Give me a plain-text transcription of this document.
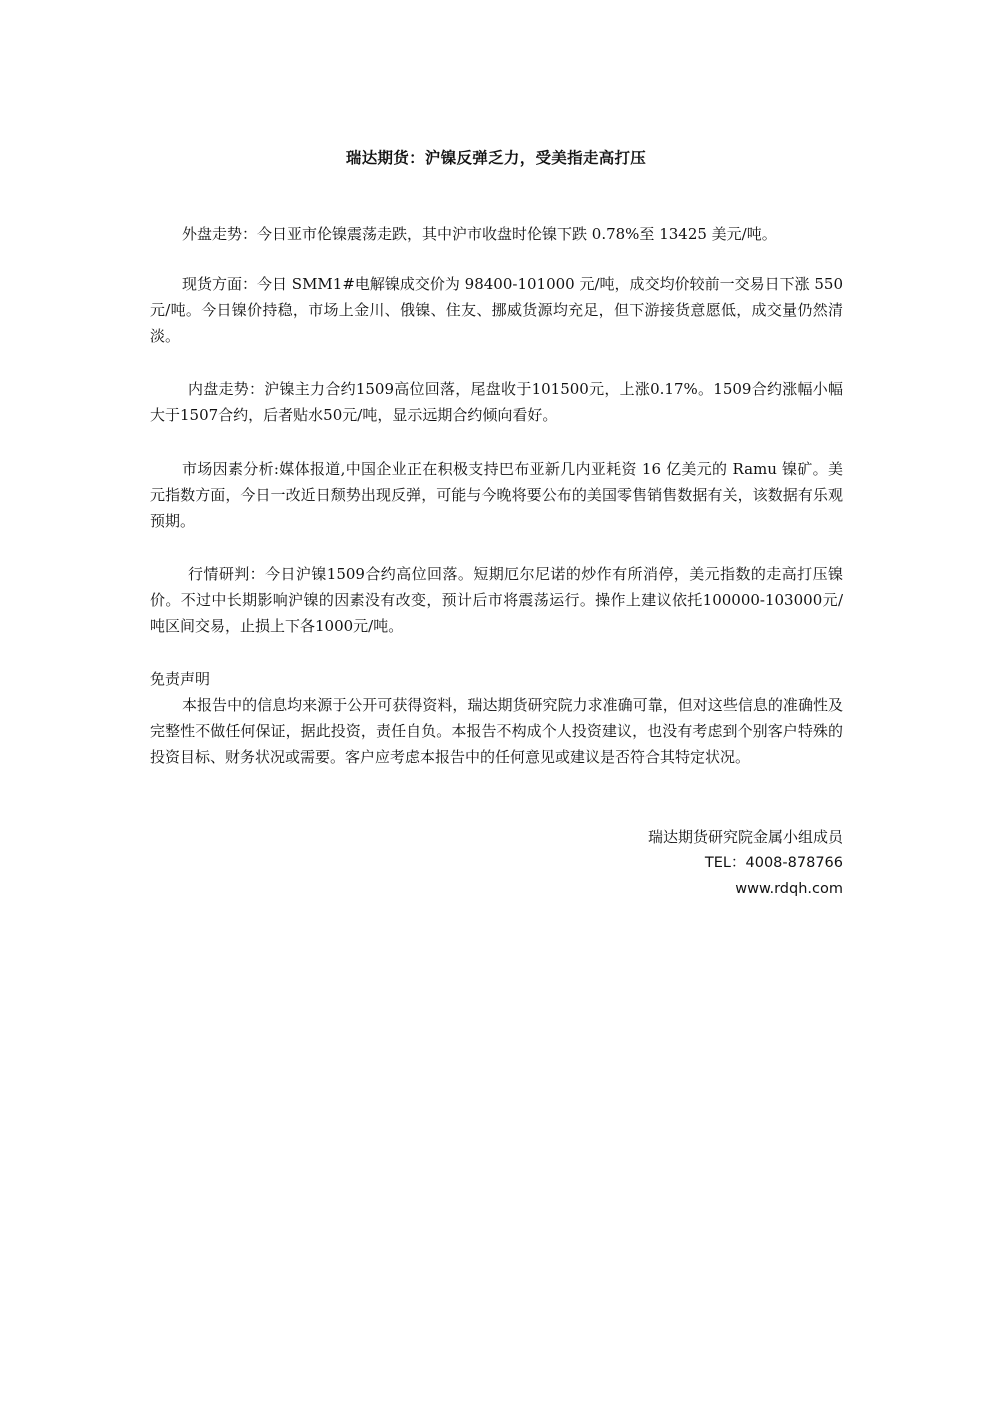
瑞达期货：沪镍反弹乏力，受美指走高打压

外盘走势：今日亚市伦镍震荡走跌，其中沪市收盘时伦镍下跌 0.78%至 13425 美元/吨。

现货方面：今日 SMM1#电解镍成交价为 98400-101000 元/吨，成交均价较前一交易日下涨 550 元/吨。今日镍价持稳，市场上金川、俄镍、住友、挪威货源均充足，但下游接货意愿低，成交量仍然清淡。

内盘走势：沪镍主力合约1509高位回落，尾盘收于101500元，上涨0.17%。1509合约涨幅小幅大于1507合约，后者贴水50元/吨，显示远期合约倾向看好。

市场因素分析:媒体报道,中国企业正在积极支持巴布亚新几内亚耗资 16 亿美元的 Ramu 镍矿。美元指数方面，今日一改近日颓势出现反弹，可能与今晚将要公布的美国零售销售数据有关，该数据有乐观预期。

行情研判：今日沪镍1509合约高位回落。短期厄尔尼诺的炒作有所消停，美元指数的走高打压镍价。不过中长期影响沪镍的因素没有改变，预计后市将震荡运行。操作上建议依托100000-103000元/吨区间交易，止损上下各1000元/吨。

免责声明

本报告中的信息均来源于公开可获得资料，瑞达期货研究院力求准确可靠，但对这些信息的准确性及完整性不做任何保证，据此投资，责任自负。本报告不构成个人投资建议，也没有考虑到个别客户特殊的投资目标、财务状况或需要。客户应考虑本报告中的任何意见或建议是否符合其特定状况。

瑞达期货研究院金属小组成员
TEL：4008-878766
www.rdqh.com
